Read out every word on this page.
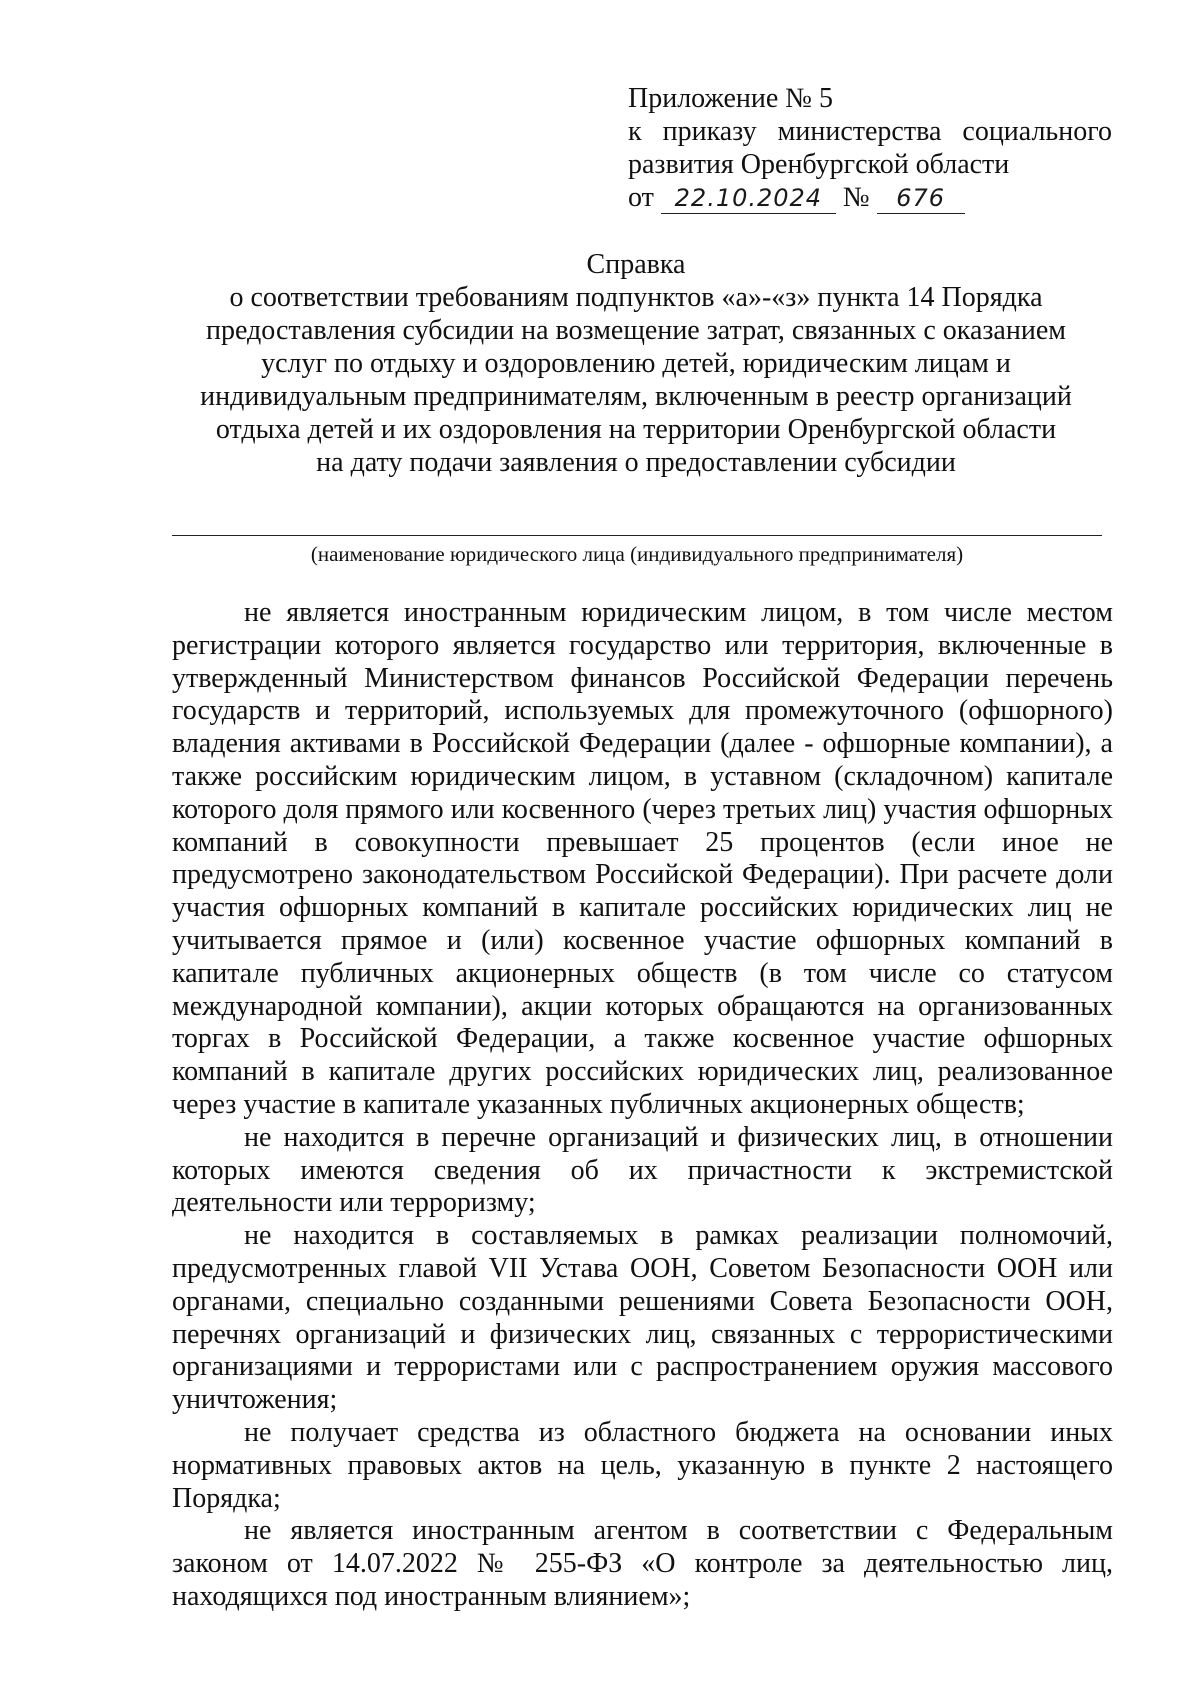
Приложение № 5
к приказу министерства социального
развития Оренбургской области
от 22.10.2024 № 676
Справка
о соответствии требованиям подпунктов «а»-«з» пункта 14 Порядка
предоставления субсидии на возмещение затрат, связанных с оказанием
услуг по отдыху и оздоровлению детей, юридическим лицам и
индивидуальным предпринимателям, включенным в реестр организаций
отдыха детей и их оздоровления на территории Оренбургской области
на дату подачи заявления о предоставлении субсидии
(наименование юридического лица (индивидуального предпринимателя)
не является иностранным юридическим лицом, в том числе местом
регистрации которого является государство или территория, включенные в
утвержденный Министерством финансов Российской Федерации перечень
государств и территорий, используемых для промежуточного (офшорного)
владения активами в Российской Федерации (далее - офшорные компании), а
также российским юридическим лицом, в уставном (складочном) капитале
которого доля прямого или косвенного (через третьих лиц) участия офшорных
компаний в совокупности превышает 25 процентов (если иное не
предусмотрено законодательством Российской Федерации). При расчете доли
участия офшорных компаний в капитале российских юридических лиц не
учитывается прямое и (или) косвенное участие офшорных компаний в
капитале публичных акционерных обществ (в том числе со статусом
международной компании), акции которых обращаются на организованных
торгах в Российской Федерации, а также косвенное участие офшорных
компаний в капитале других российских юридических лиц, реализованное
через участие в капитале указанных публичных акционерных обществ;
не находится в перечне организаций и физических лиц, в отношении
которых имеются сведения об их причастности к экстремистской
деятельности или терроризму;
не находится в составляемых в рамках реализации полномочий,
предусмотренных главой VII Устава ООН, Советом Безопасности ООН или
органами, специально созданными решениями Совета Безопасности ООН,
перечнях организаций и физических лиц, связанных с террористическими
организациями и террористами или с распространением оружия массового
уничтожения;
не получает средства из областного бюджета на основании иных
нормативных правовых актов на цель, указанную в пункте 2 настоящего
Порядка;
не является иностранным агентом в соответствии с Федеральным
законом от 14.07.2022 № 255-ФЗ «О контроле за деятельностью лиц,
находящихся под иностранным влиянием»;
